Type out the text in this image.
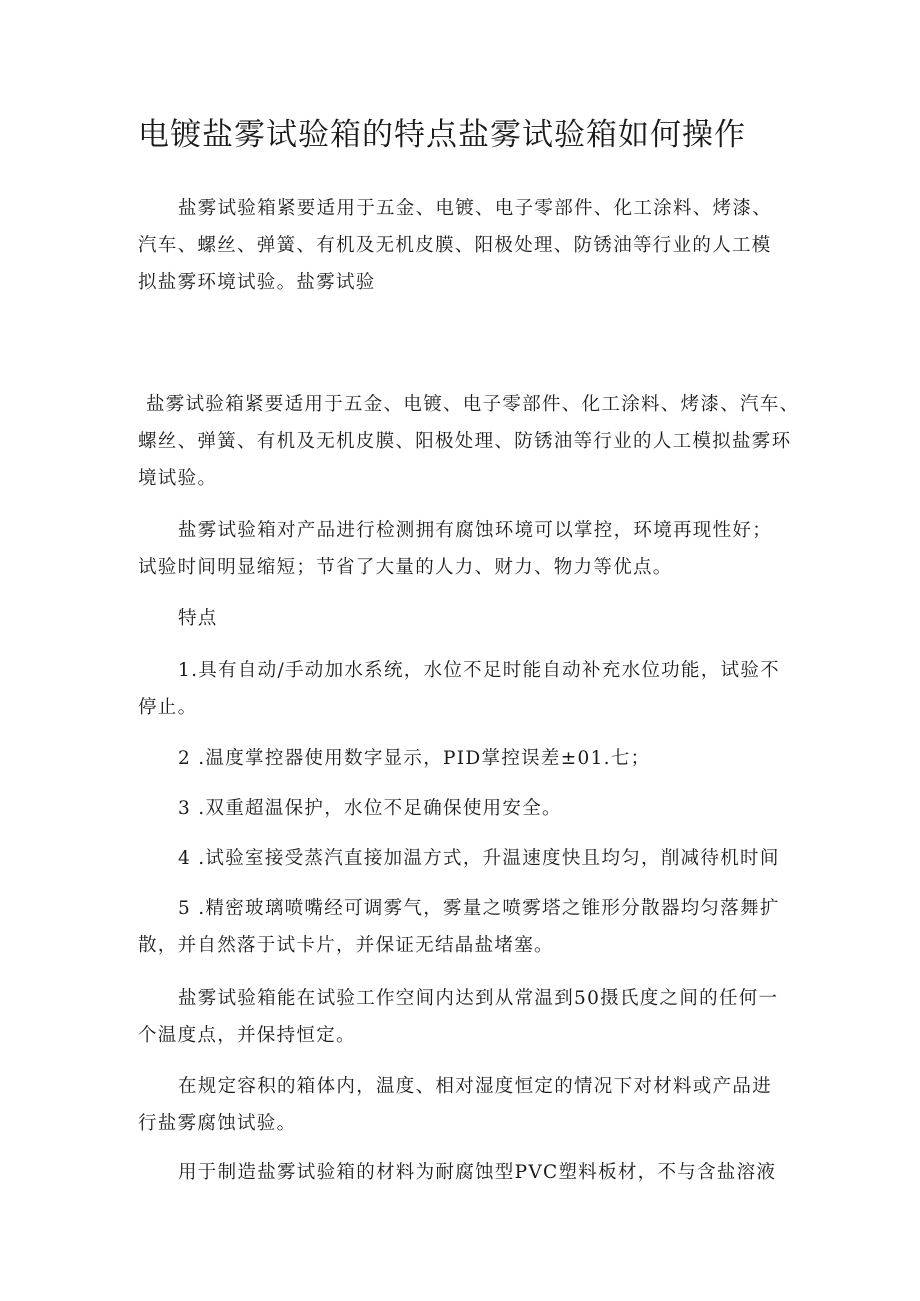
电镀盐雾试验箱的特点盐雾试验箱如何操作

盐雾试验箱紧要适用于五金、电镀、电子零部件、化工涂料、烤漆、
汽车、螺丝、弹簧、有机及无机皮膜、阳极处理、防锈油等行业的人工模
拟盐雾环境试验。盐雾试验

盐雾试验箱紧要适用于五金、电镀、电子零部件、化工涂料、烤漆、汽车、
螺丝、弹簧、有机及无机皮膜、阳极处理、防锈油等行业的人工模拟盐雾环
境试验。

盐雾试验箱对产品进行检测拥有腐蚀环境可以掌控，环境再现性好；
试验时间明显缩短；节省了大量的人力、财力、物力等优点。

特点

1.具有自动/手动加水系统，水位不足时能自动补充水位功能，试验不
停止。

2 .温度掌控器使用数字显示，PID掌控误差±01.七；

3 .双重超温保护，水位不足确保使用安全。

4 .试验室接受蒸汽直接加温方式，升温速度快且均匀，削减待机时间

5 .精密玻璃喷嘴经可调雾气，雾量之喷雾塔之锥形分散器均匀落舞扩
散，并自然落于试卡片，并保证无结晶盐堵塞。

盐雾试验箱能在试验工作空间内达到从常温到50摄氏度之间的任何一
个温度点，并保持恒定。

在规定容积的箱体内，温度、相对湿度恒定的情况下对材料或产品进
行盐雾腐蚀试验。

用于制造盐雾试验箱的材料为耐腐蚀型PVC塑料板材，不与含盐溶液
